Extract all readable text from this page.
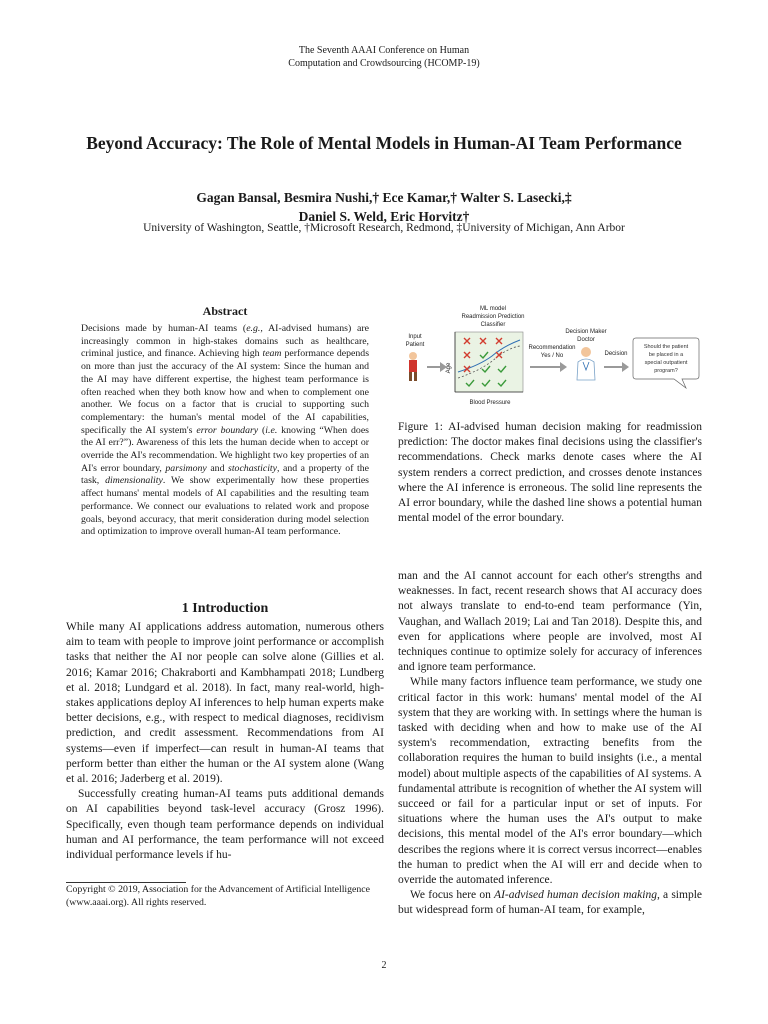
The Seventh AAAI Conference on Human
Computation and Crowdsourcing (HCOMP-19)
Beyond Accuracy: The Role of Mental Models in Human-AI Team Performance
Gagan Bansal, Besmira Nushi,† Ece Kamar,† Walter S. Lasecki,‡
Daniel S. Weld, Eric Horvitz†
University of Washington, Seattle, †Microsoft Research, Redmond, ‡University of Michigan, Ann Arbor
Abstract
Decisions made by human-AI teams (e.g., AI-advised humans) are increasingly common in high-stakes domains such as healthcare, criminal justice, and finance. Achieving high team performance depends on more than just the accuracy of the AI system: Since the human and the AI may have different expertise, the highest team performance is often reached when they both know how and when to complement one another. We focus on a factor that is crucial to supporting such complementary: the human's mental model of the AI capabilities, specifically the AI system's error boundary (i.e. knowing “When does the AI err?”). Awareness of this lets the human decide when to accept or override the AI's recommendation. We highlight two key properties of an AI's error boundary, parsimony and stochasticity, and a property of the task, dimensionality. We show experimentally how these properties affect humans' mental models of AI capabilities and the resulting team performance. We connect our evaluations to related work and propose goals, beyond accuracy, that merit consideration during model selection and optimization to improve overall human-AI team performance.
1 Introduction

While many AI applications address automation, numerous others aim to team with people to improve joint performance or accomplish tasks that neither the AI nor people can solve alone (Gillies et al. 2016; Kamar 2016; Chakraborti and Kambhampati 2018; Lundberg et al. 2018; Lundgard et al. 2018). In fact, many real-world, high-stakes applications deploy AI inferences to help human experts make better decisions, e.g., with respect to medical diagnoses, recidivism prediction, and credit assessment. Recommendations from AI systems—even if imperfect—can result in human-AI teams that perform better than either the human or the AI system alone (Wang et al. 2016; Jaderberg et al. 2019).

Successfully creating human-AI teams puts additional demands on AI capabilities beyond task-level accuracy (Grosz 1996). Specifically, even though team performance depends on individual human and AI performance, the team performance will not exceed individual performance levels if hu-

Copyright © 2019, Association for the Advancement of Artificial Intelligence (www.aaai.org). All rights reserved.
ML model
Readmission Prediction
Classifier
Input
Patient
Age
Blood Pressure
Recommendation
Yes / No
Decision Maker
Doctor
Decision
Should the patient
be placed in a
special outpatient
program?
Figure 1: AI-advised human decision making for readmission prediction: The doctor makes final decisions using the classifier's recommendations. Check marks denote cases where the AI system renders a correct prediction, and crosses denote instances where the AI inference is erroneous. The solid line represents the AI error boundary, while the dashed line shows a potential human mental model of the error boundary.

man and the AI cannot account for each other's strengths and weaknesses. In fact, recent research shows that AI accuracy does not always translate to end-to-end team performance (Yin, Vaughan, and Wallach 2019; Lai and Tan 2018). Despite this, and even for applications where people are involved, most AI techniques continue to optimize solely for accuracy of inferences and ignore team performance.

While many factors influence team performance, we study one critical factor in this work: humans' mental model of the AI system that they are working with. In settings where the human is tasked with deciding when and how to make use of the AI system's recommendation, extracting benefits from the collaboration requires the human to build insights (i.e., a mental model) about multiple aspects of the capabilities of AI systems. A fundamental attribute is recognition of whether the AI system will succeed or fail for a particular input or set of inputs. For situations where the human uses the AI's output to make decisions, this mental model of the AI's error boundary—which describes the regions where it is correct versus incorrect—enables the human to predict when the AI will err and decide when to override the automated inference.

We focus here on AI-advised human decision making, a simple but widespread form of human-AI team, for example,

2
